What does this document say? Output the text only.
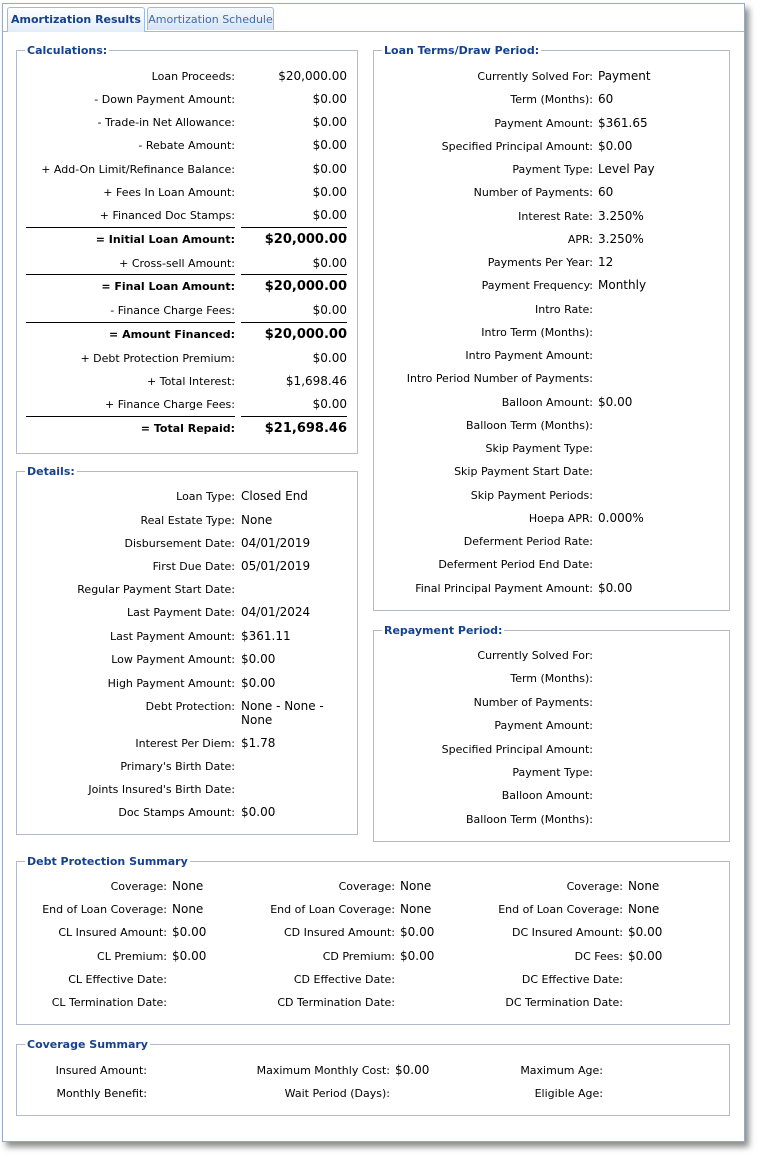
Amortization Results Amortization Schedule
Calculations:
Details:
Loan Terms/Draw Period:
Repayment Period:
Debt Protection Summary
Coverage Summary
Loan Proceeds:	$20,000.00
- Down Payment Amount:	$0.00
- Trade-in Net Allowance:	$0.00
- Rebate Amount:	$0.00
+ Add-On Limit/Refinance Balance:	$0.00
+ Fees In Loan Amount:	$0.00
+ Financed Doc Stamps:	$0.00
= Initial Loan Amount:	$20,000.00
+ Cross-sell Amount:	$0.00
= Final Loan Amount:	$20,000.00
- Finance Charge Fees:	$0.00
= Amount Financed:	$20,000.00
+ Debt Protection Premium:	$0.00
+ Total Interest:	$1,698.46
+ Finance Charge Fees:	$0.00
= Total Repaid:	$21,698.46
Loan Type: Closed End
Real Estate Type: None
Disbursement Date: 04/01/2019
First Due Date: 05/01/2019
Regular Payment Start Date:
Last Payment Date: 04/01/2024
Last Payment Amount: $361.11
Low Payment Amount: $0.00
High Payment Amount: $0.00
Debt Protection: None - None -
None
Interest Per Diem: $1.78
Primary's Birth Date:
Joints Insured's Birth Date:
Doc Stamps Amount: $0.00
Currently Solved For: Payment
Term (Months): 60
Payment Amount: $361.65
Specified Principal Amount: $0.00
Payment Type: Level Pay
Number of Payments: 60
Interest Rate: 3.250%
APR: 3.250%
Payments Per Year: 12
Payment Frequency: Monthly
Intro Rate:
Intro Term (Months):
Intro Payment Amount:
Intro Period Number of Payments:
Balloon Amount: $0.00
Balloon Term (Months):
Skip Payment Type:
Skip Payment Start Date:
Skip Payment Periods:
Hoepa APR: 0.000%
Deferment Period Rate:
Deferment Period End Date:
Final Principal Payment Amount: $0.00
Currently Solved For:
Term (Months):
Number of Payments:
Payment Amount:
Specified Principal Amount:
Payment Type:
Balloon Amount:
Balloon Term (Months):
Coverage: None
End of Loan Coverage: None
CL Insured Amount: $0.00
CL Premium: $0.00
CL Effective Date:
CL Termination Date:
Coverage: None
End of Loan Coverage: None
CD Insured Amount: $0.00
CD Premium: $0.00
CD Effective Date:
CD Termination Date:
Coverage: None
End of Loan Coverage: None
DC Insured Amount: $0.00
DC Fees: $0.00
DC Effective Date:
DC Termination Date:
Insured Amount:
Monthly Benefit:
Maximum Monthly Cost: $0.00
Wait Period (Days):
Maximum Age:
Eligible Age:
